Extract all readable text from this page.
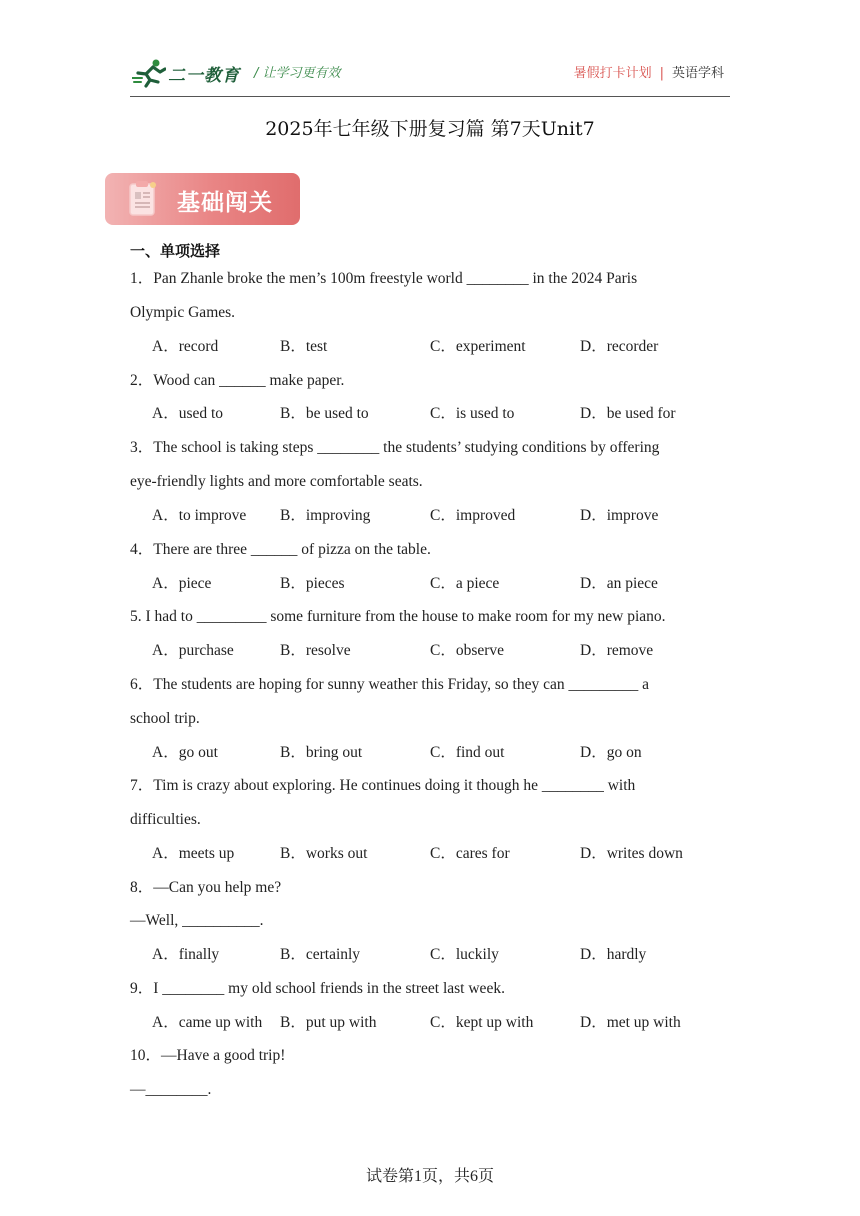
二一教育 / 让学习更有效	暑假打卡计划 | 英语学科
2025年七年级下册复习篇 第7天Unit7
基础闯关
一、单项选择
1．Pan Zhanle broke the men’s 100m freestyle world ________ in the 2024 Paris
Olympic Games.
A．record	B．test	C．experiment	D．recorder
2．Wood can ______ make paper.
A．used to	B．be used to	C．is used to	D．be used for
3．The school is taking steps ________ the students’ studying conditions by offering
eye-friendly lights and more comfortable seats.
A．to improve B．improving	C．improved	D．improve
4．There are three ______ of pizza on the table.
A．piece	B．pieces	C．a piece	D．an piece
5. I had to _________ some furniture from the house to make room for my new piano.
A．purchase	B．resolve	C．observe	D．remove
6．The students are hoping for sunny weather this Friday, so they can _________ a
school trip.
A．go out	B．bring out	C．find out	D．go on
7．Tim is crazy about exploring. He continues doing it though he ________ with
difficulties.
A．meets up	B．works out	C．cares for	D．writes down
8．—Can you help me?
—Well, __________.
A．finally	B．certainly	C．luckily	D．hardly
9．I ________ my old school friends in the street last week.
A．came up with B．put up with	C．kept up with	D．met up with
10．—Have a good trip!
—________.
试卷第1页，共6页
